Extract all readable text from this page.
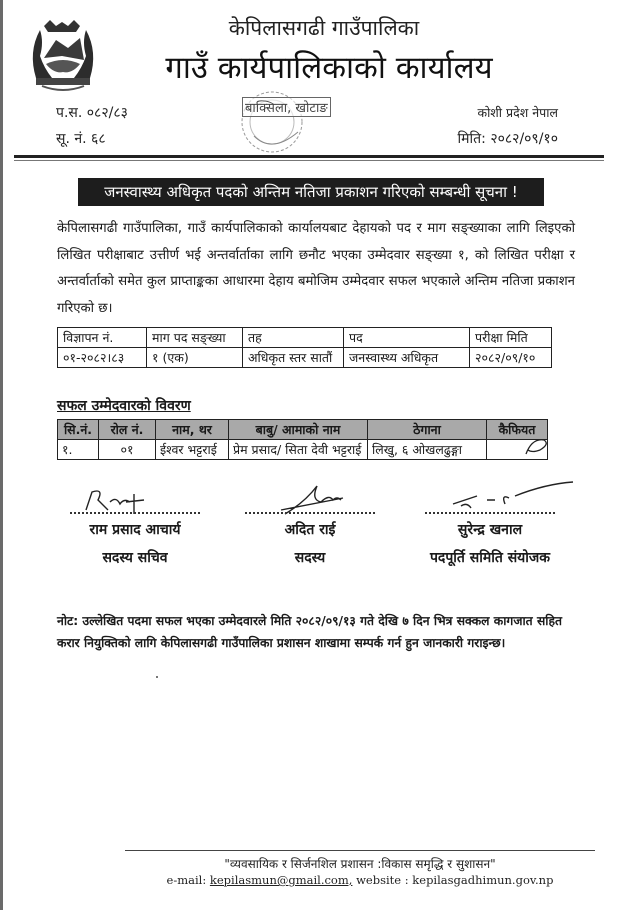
केपिलासगढी गाउँपालिका
गाउँ कार्यपालिकाको कार्यालय
प.स. ०८२/८३
सू. नं. ६८
बाक्सिला, खोटाङ	कोशी प्रदेश नेपाल
मिति: २०८२/०९/१०
जनस्वास्थ्य अधिकृत पदको अन्तिम नतिजा प्रकाशन गरिएको सम्बन्धी सूचना !
केपिलासगढी गाउँपालिका, गाउँ कार्यपालिकाको कार्यालयबाट देहायको पद र माग सङ्ख्याका लागि लिइएको लिखित परीक्षाबाट उत्तीर्ण भई अन्तर्वार्ताका लागि छनौट भएका उम्मेदवार सङ्ख्या १, को लिखित परीक्षा र अन्तर्वार्ताको समेत कुल प्राप्ताङ्कका आधारमा देहाय बमोजिम उम्मेदवार सफल भएकाले अन्तिम नतिजा प्रकाशन गरिएको छ।
विज्ञापन नं.	माग पद सङ्ख्या	तह	पद	परीक्षा मिति
०१-२०८२।८३	१ (एक)	अधिकृत स्तर सातौं	जनस्वास्थ्य अधिकृत	२०८२/०९/१०
सफल उम्मेदवारको विवरण
सि.नं.	रोल नं.	नाम, थर	बाबु/ आमाको नाम	ठेगाना	कैफियत
१.	०१	ईश्वर भट्टराई	प्रेम प्रसाद/ सिता देवी भट्टराई	लिखु, ६ ओखलढुङ्गा	
राम प्रसाद आचार्य
सदस्य सचिव
अदित राई
सदस्य
सुरेन्द्र खनाल
पदपूर्ति समिति संयोजक
नोट: उल्लेखित पदमा सफल भएका उम्मेदवारले मिति २०८२/०९/१३ गते देखि ७ दिन भित्र सक्कल कागजात सहित करार नियुक्तिको लागि केपिलासगढी गाउँपालिका प्रशासन शाखामा सम्पर्क गर्न हुन जानकारी गराइन्छ।
"व्यवसायिक र सिर्जनशिल प्रशासन :विकास समृद्धि र सुशासन"
e-mail: kepilasmun@gmail.com, website : kepilasgadhimun.gov.np
